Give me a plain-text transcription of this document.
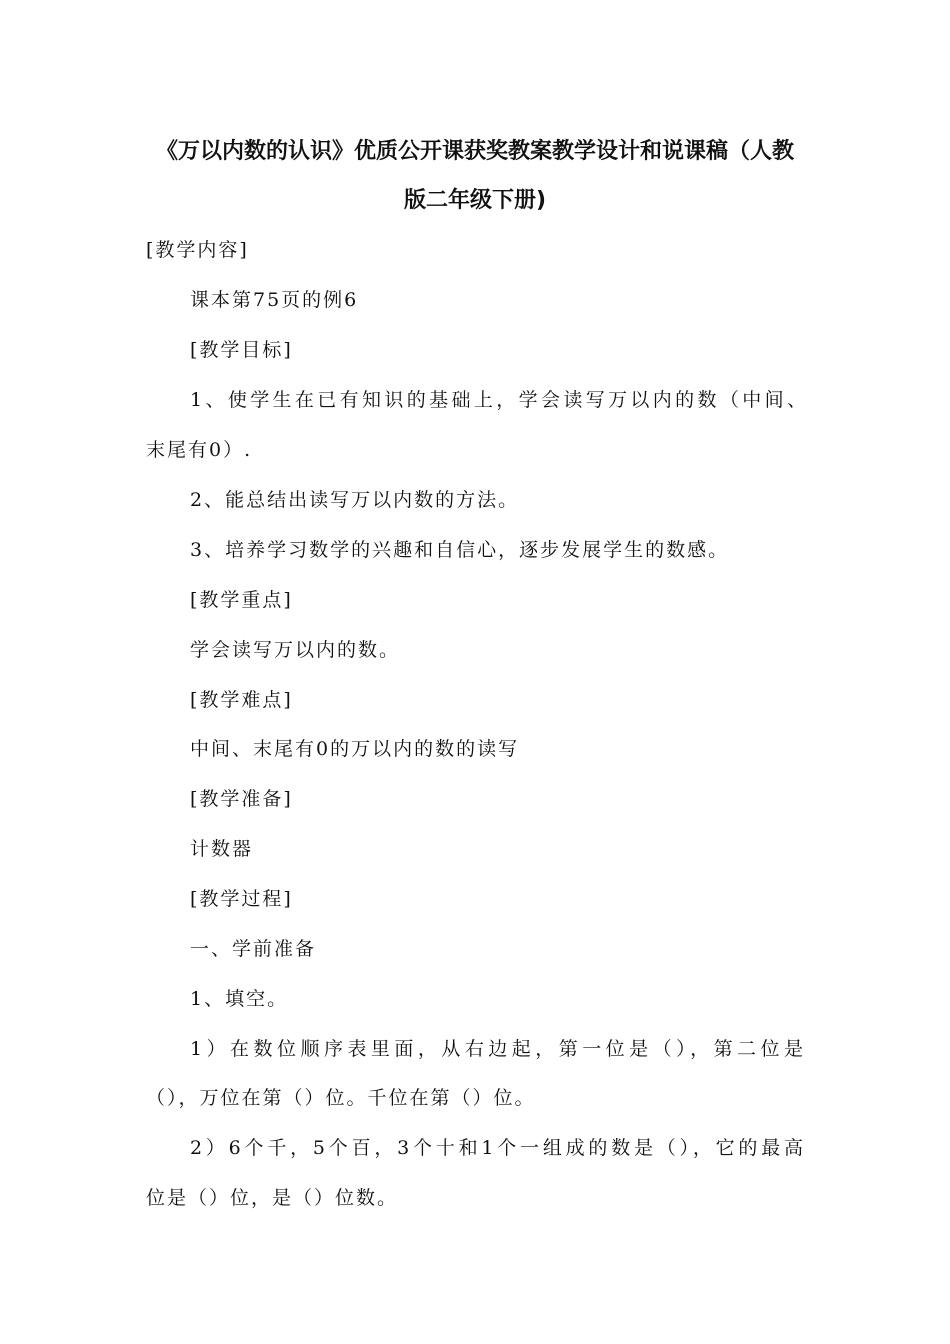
《万以内数的认识》优质公开课获奖教案教学设计和说课稿（人教
版二年级下册)

[教学内容]

课本第75页的例6

[教学目标]

1、使学生在已有知识的基础上，学会读写万以内的数（中间、

末尾有0）.

2、能总结出读写万以内数的方法。

3、培养学习数学的兴趣和自信心，逐步发展学生的数感。

[教学重点]

学会读写万以内的数。

[教学难点]

中间、末尾有0的万以内的数的读写

[教学准备]

计数器

[教学过程]

一、学前准备

1、填空。

1）在数位顺序表里面，从右边起，第一位是（），第二位是

（），万位在第（）位。千位在第（）位。

2）6个千，5个百，3个十和1个一组成的数是（），它的最高

位是（）位，是（）位数。
